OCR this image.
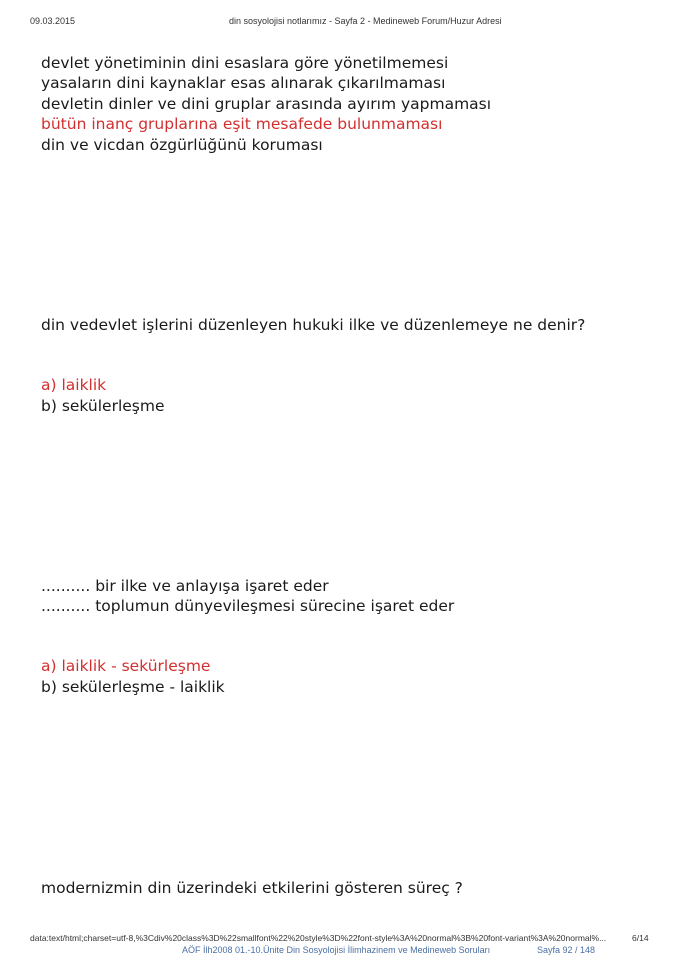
09.03.2015	din sosyolojisi notlarımız - Sayfa 2 - Medineweb Forum/Huzur Adresi
devlet yönetiminin dini esaslara göre yönetilmemesi
yasaların dini kaynaklar esas alınarak çıkarılmaması
devletin dinler ve dini gruplar arasında ayırım yapmaması
bütün inanç gruplarına eşit mesafede bulunmaması
din ve vicdan özgürlüğünü koruması
din vedevlet işlerini düzenleyen hukuki ilke ve düzenlemeye ne denir?
a) laiklik
b) sekülerleşme
.......... bir ilke ve anlayışa işaret eder
.......... toplumun dünyevileşmesi sürecine işaret eder
a) laiklik - sekürleşme
b) sekülerleşme - laiklik
modernizmin din üzerindeki etkilerini gösteren süreç ?
data:text/html;charset=utf-8,%3Cdiv%20class%3D%22smallfont%22%20style%3D%22font-style%3A%20normal%3B%20font-variant%3A%20normal%...	6/14
AÖF İlh2008 01.-10.Ünite Din Sosyolojisi İlimhazinem ve Medineweb Soruları	Sayfa 92 / 148
